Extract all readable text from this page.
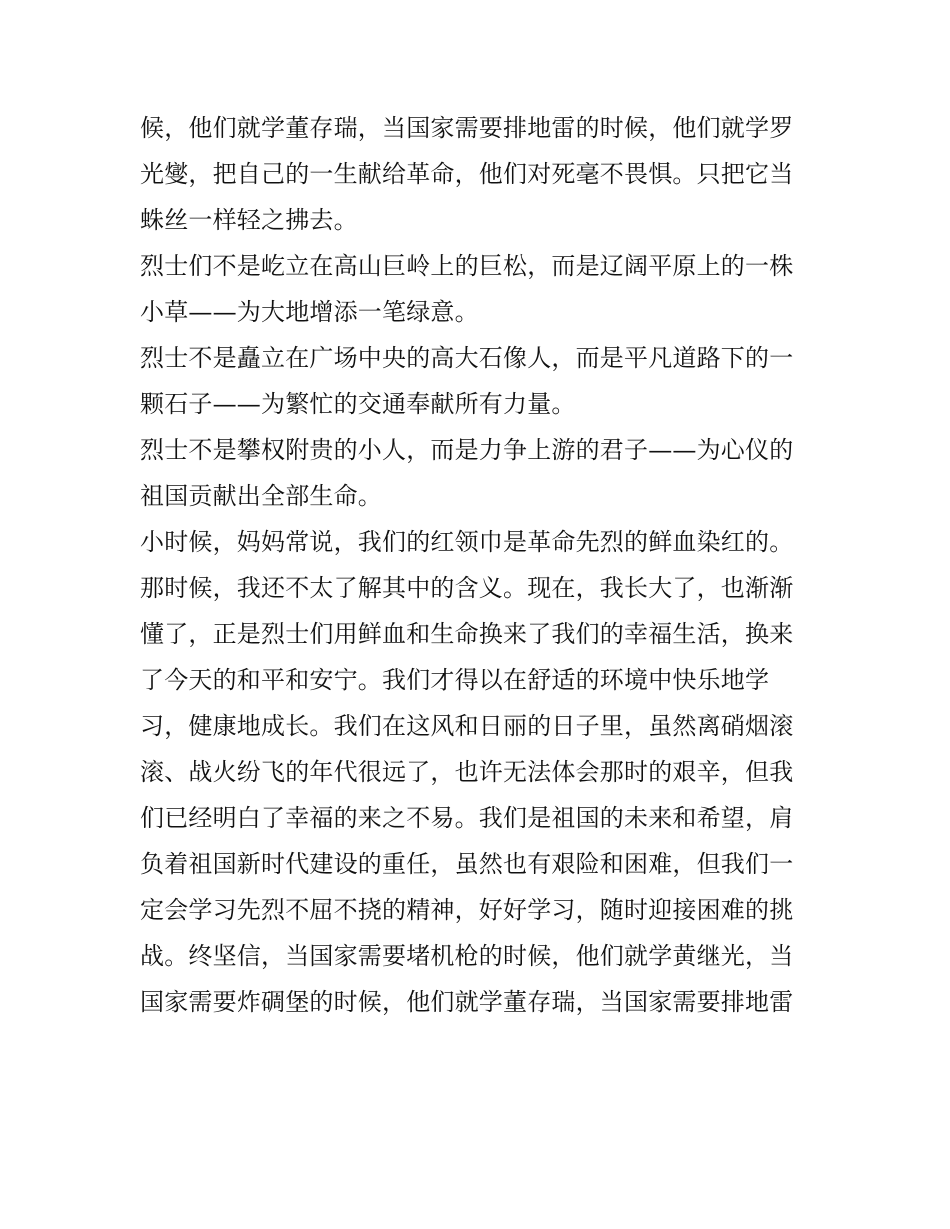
候，他们就学董存瑞，当国家需要排地雷的时候，他们就学罗
光燮，把自己的一生献给革命，他们对死毫不畏惧。只把它当
蛛丝一样轻之拂去。
烈士们不是屹立在高山巨岭上的巨松，而是辽阔平原上的一株
小草——为大地增添一笔绿意。
烈士不是矗立在广场中央的高大石像人，而是平凡道路下的一
颗石子——为繁忙的交通奉献所有力量。
烈士不是攀权附贵的小人，而是力争上游的君子——为心仪的
祖国贡献出全部生命。
小时候，妈妈常说，我们的红领巾是革命先烈的鲜血染红的。
那时候，我还不太了解其中的含义。现在，我长大了，也渐渐
懂了，正是烈士们用鲜血和生命换来了我们的幸福生活，换来
了今天的和平和安宁。我们才得以在舒适的环境中快乐地学
习，健康地成长。我们在这风和日丽的日子里，虽然离硝烟滚
滚、战火纷飞的年代很远了，也许无法体会那时的艰辛，但我
们已经明白了幸福的来之不易。我们是祖国的未来和希望，肩
负着祖国新时代建设的重任，虽然也有艰险和困难，但我们一
定会学习先烈不屈不挠的精神，好好学习，随时迎接困难的挑
战。终坚信，当国家需要堵机枪的时候，他们就学黄继光，当
国家需要炸碉堡的时候，他们就学董存瑞，当国家需要排地雷
